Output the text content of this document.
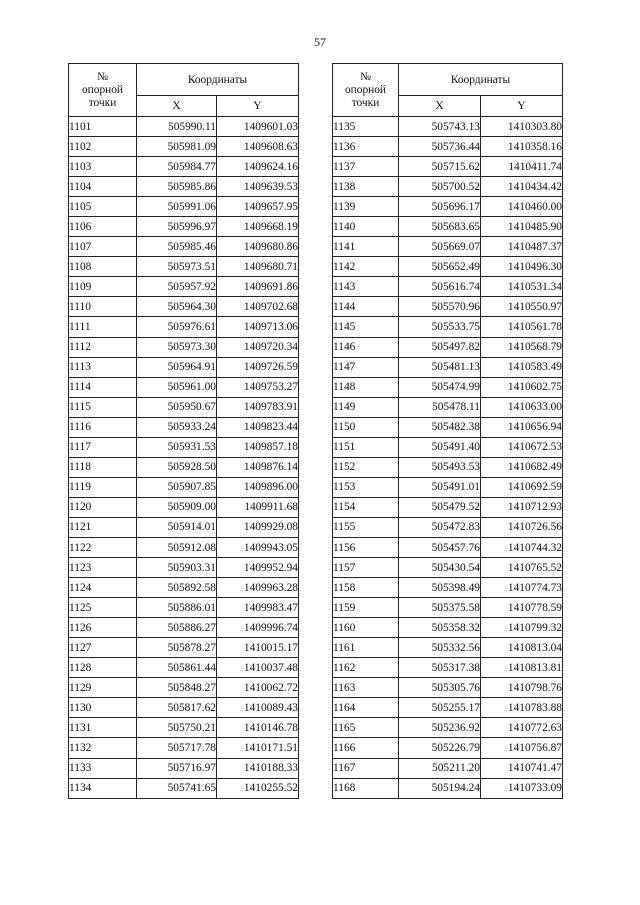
57
№
опорной
точки	Координаты	
	X	Y
1101	505990.11	1409601.03
1102	505981.09	1409608.63
1103	505984.77	1409624.16
1104	505985.86	1409639.53
1105	505991.06	1409657.95
1106	505996.97	1409668.19
1107	505985.46	1409680.86
1108	505973.51	1409680.71
1109	505957.92	1409691.86
1110	505964.30	1409702.68
1111	505976.61	1409713.06
1112	505973.30	1409720.34
1113	505964.91	1409726.59
1114	505961.00	1409753.27
1115	505950.67	1409783.91
1116	505933.24	1409823.44
1117	505931.53	1409857.18
1118	505928.50	1409876.14
1119	505907.85	1409896.00
1120	505909.00	1409911.68
1121	505914.01	1409929.08
1122	505912.08	1409943.05
1123	505903.31	1409952.94
1124	505892.58	1409963.28
1125	505886.01	1409983.47
1126	505886.27	1409996.74
1127	505878.27	1410015.17
1128	505861.44	1410037.48
1129	505848.27	1410062.72
1130	505817.62	1410089.43
1131	505750.21	1410146.78
1132	505717.78	1410171.51
1133	505716.97	1410188.33
1134	505741.65	1410255.52
№
опорной
точки	Координаты	
	X	Y
1135	505743.13	1410303.80
1136	505736.44	1410358.16
1137	505715.62	1410411.74
1138	505700.52	1410434.42
1139	505696.17	1410460.00
1140	505683.65	1410485.90
1141	505669.07	1410487.37
1142	505652.49	1410496.30
1143	505616.74	1410531.34
1144	505570.96	1410550.97
1145	505533.75	1410561.78
1146	505497.82	1410568.79
1147	505481.13	1410583.49
1148	505474.99	1410602.75
1149	505478.11	1410633.00
1150	505482.38	1410656.94
1151	505491.40	1410672.53
1152	505493.53	1410682.49
1153	505491.01	1410692.59
1154	505479.52	1410712.93
1155	505472.83	1410726.56
1156	505457.76	1410744.32
1157	505430.54	1410765.52
1158	505398.49	1410774.73
1159	505375.58	1410778.59
1160	505358.32	1410799.32
1161	505332.56	1410813.04
1162	505317.38	1410813.81
1163	505305.76	1410798.76
1164	505255.17	1410783.88
1165	505236.92	1410772.63
1166	505226.79	1410756.87
1167	505211.20	1410741.47
1168	505194.24	1410733.09
